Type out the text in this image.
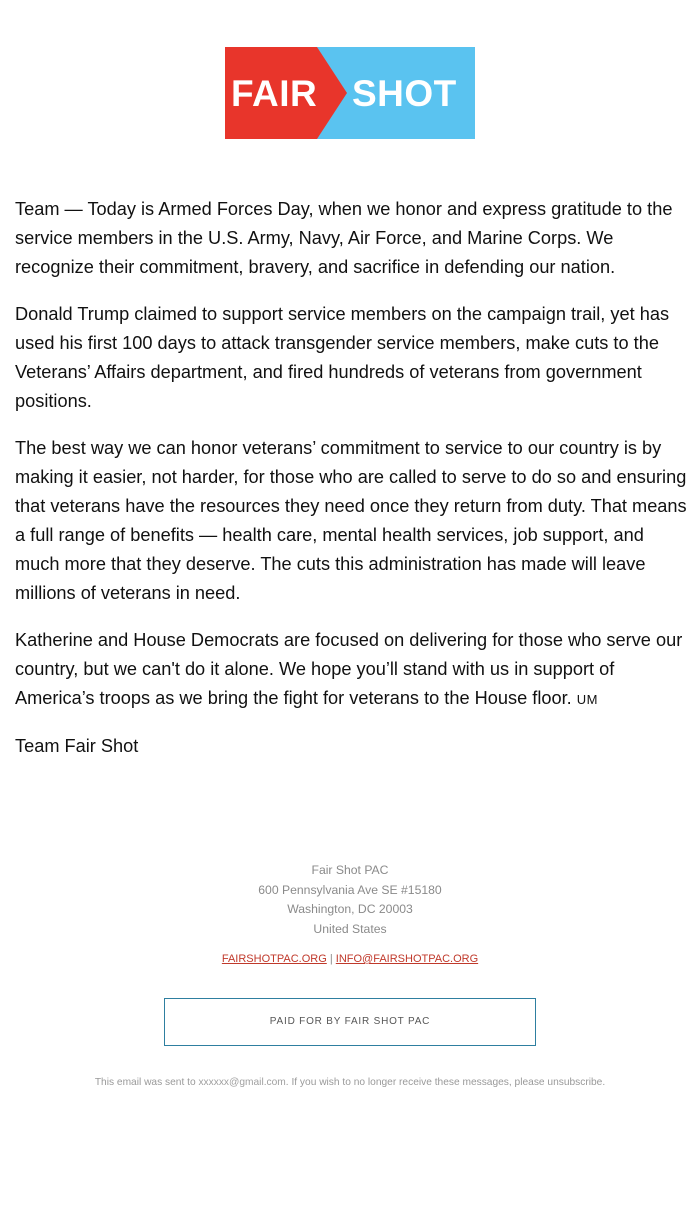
FAIR SHOT

Team — Today is Armed Forces Day, when we honor and express gratitude to the service members in the U.S. Army, Navy, Air Force, and Marine Corps. We recognize their commitment, bravery, and sacrifice in defending our nation.

Donald Trump claimed to support service members on the campaign trail, yet has used his first 100 days to attack transgender service members, make cuts to the Veterans’ Affairs department, and fired hundreds of veterans from government positions.

The best way we can honor veterans’ commitment to service to our country is by making it easier, not harder, for those who are called to serve to do so and ensuring that veterans have the resources they need once they return from duty. That means a full range of benefits — health care, mental health services, job support, and much more that they deserve. The cuts this administration has made will leave millions of veterans in need.

Katherine and House Democrats are focused on delivering for those who serve our country, but we can't do it alone. We hope you’ll stand with us in support of America’s troops as we bring the fight for veterans to the House floor. UM

Team Fair Shot

Fair Shot PAC
600 Pennsylvania Ave SE #15180
Washington, DC 20003
United States
FAIRSHOTPAC.ORG | INFO@FAIRSHOTPAC.ORG
PAID FOR BY FAIR SHOT PAC
This email was sent to xxxxxx@gmail.com. If you wish to no longer receive these messages, please unsubscribe.
